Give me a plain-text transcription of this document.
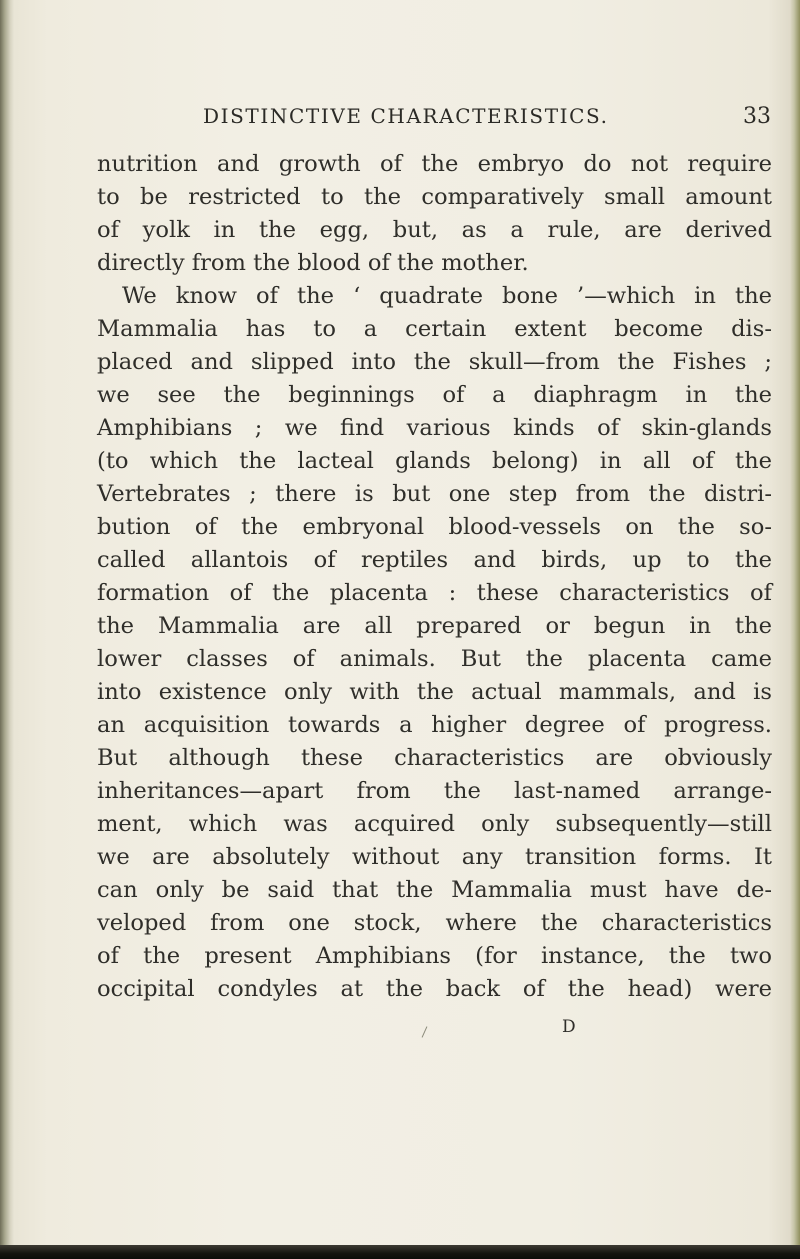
DISTINCTIVE CHARACTERISTICS.	33
nutrition and growth of the embryo do not require
to be restricted to the comparatively small amount
of yolk in the egg, but, as a rule, are derived
directly from the blood of the mother.
We know of the ‘ quadrate bone ’—which in the
Mammalia has to a certain extent become dis-
placed and slipped into the skull—from the Fishes ;
we see the beginnings of a diaphragm in the
Amphibians ; we find various kinds of skin-glands
(to which the lacteal glands belong) in all of the
Vertebrates ; there is but one step from the distri-
bution of the embryonal blood-vessels on the so-
called allantois of reptiles and birds, up to the
formation of the placenta : these characteristics of
the Mammalia are all prepared or begun in the
lower classes of animals. But the placenta came
into existence only with the actual mammals, and is
an acquisition towards a higher degree of progress.
But although these characteristics are obviously
inheritances—apart from the last-named arrange-
ment, which was acquired only subsequently—still
we are absolutely without any transition forms. It
can only be said that the Mammalia must have de-
veloped from one stock, where the characteristics
of the present Amphibians (for instance, the two
occipital condyles at the back of the head) were
D
